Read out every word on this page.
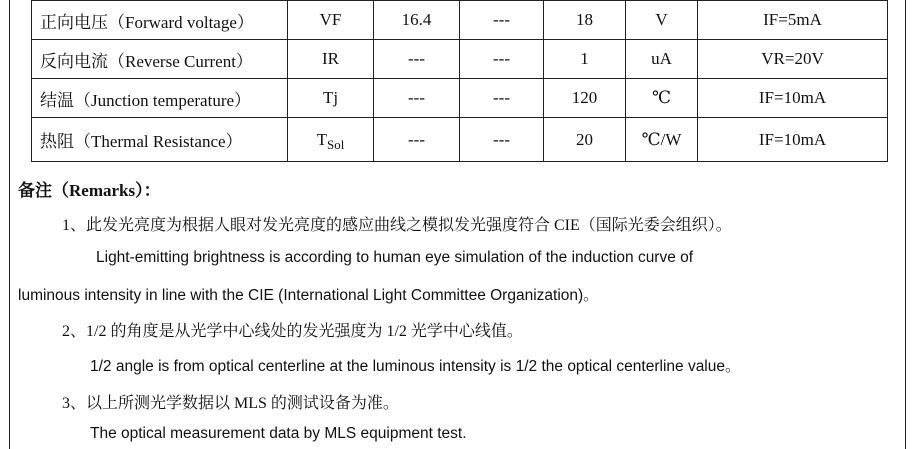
正向电压（Forward voltage）	VF	16.4	---	18	V	IF=5mA
反向电流（Reverse Current）	IR	---	---	1	uA	VR=20V
结温（Junction temperature）	Tj	---	---	120	℃	IF=10mA
热阻（Thermal Resistance）	$T_{Sol}$	---	---	20	℃/W	IF=10mA
备注（Remarks）：
1、此发光亮度为根据人眼对发光亮度的感应曲线之模拟发光强度符合 CIE（国际光委会组织）。
Light-emitting brightness is according to human eye simulation of the induction curve of
luminous intensity in line with the CIE (International Light Committee Organization)。
2、1/2 的角度是从光学中心线处的发光强度为 1/2 光学中心线值。
1/2 angle is from optical centerline at the luminous intensity is 1/2 the optical centerline value。
3、以上所测光学数据以 MLS 的测试设备为准。
The optical measurement data by MLS equipment test.
